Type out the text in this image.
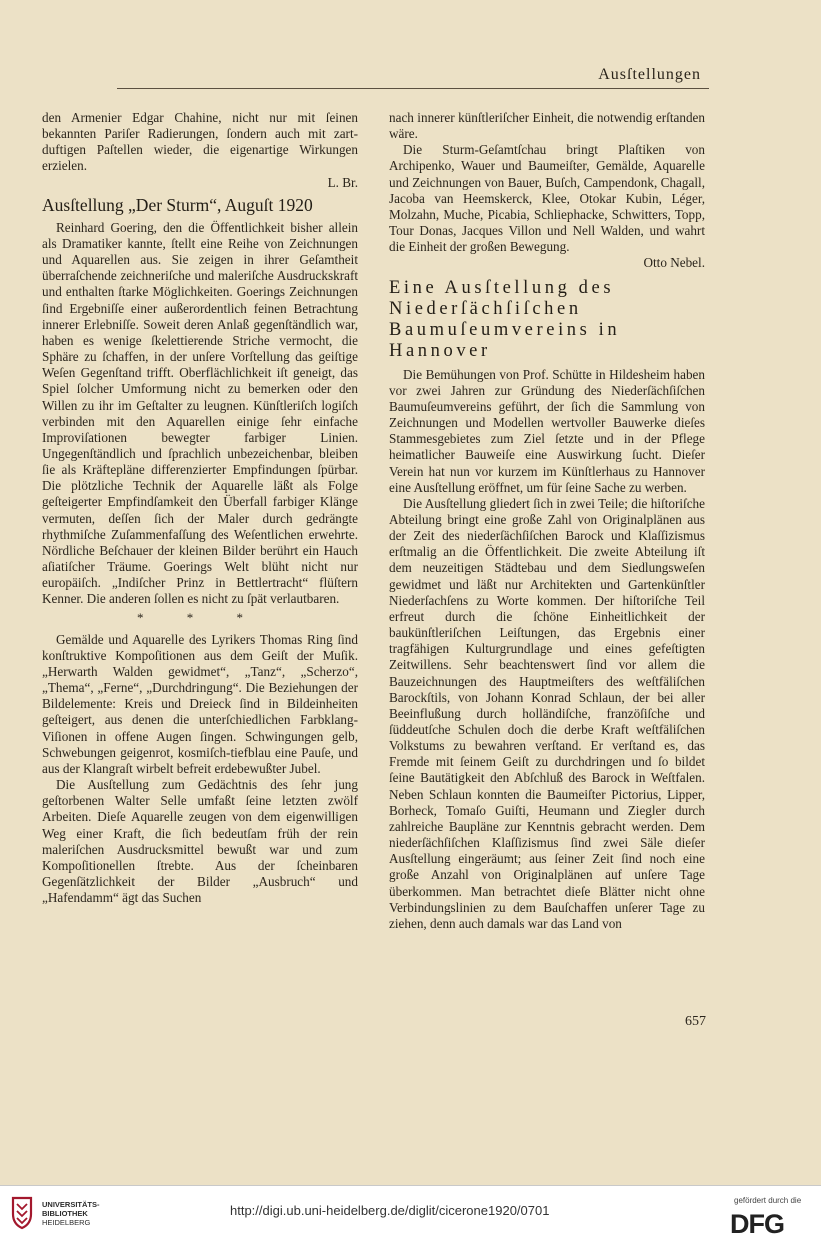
Ausſtellungen

den Armenier Edgar Chahine, nicht nur mit ſeinen bekannten Pariſer Radierungen, ſondern auch mit zart-duftigen Paſtellen wieder, die eigenartige Wirkungen erzielen.

L. Br.

Ausſtellung „Der Sturm“, Auguſt 1920

Reinhard Goering, den die Öffentlichkeit bisher allein als Dramatiker kannte, ſtellt eine Reihe von Zeichnungen und Aquarellen aus. Sie zeigen in ihrer Geſamtheit überraſchende zeichneriſche und maleriſche Ausdruckskraft und enthalten ſtarke Möglichkeiten. Goerings Zeichnungen ſind Ergebniſſe einer außerordentlich feinen Betrachtung innerer Erlebniſſe. Soweit deren Anlaß gegenſtändlich war, haben es wenige ſkelettierende Striche vermocht, die Sphäre zu ſchaffen, in der unſere Vorſtellung das geiſtige Weſen Gegenſtand trifft. Oberflächlichkeit iſt geneigt, das Spiel ſolcher Umformung nicht zu bemerken oder den Willen zu ihr im Geſtalter zu leugnen. Künſtleriſch logiſch verbinden mit den Aquarellen einige ſehr einfache Improviſationen bewegter farbiger Linien. Ungegenſtändlich und ſprachlich unbezeichenbar, bleiben ſie als Kräftepläne differenzierter Empfindungen ſpürbar. Die plötzliche Technik der Aquarelle läßt als Folge geſteigerter Empfindſamkeit den Überfall farbiger Klänge vermuten, deſſen ſich der Maler durch gedrängte rhythmiſche Zuſammenfaſſung des Weſentlichen erwehrte. Nördliche Beſchauer der kleinen Bilder berührt ein Hauch aſiatiſcher Träume. Goerings Welt blüht nicht nur europäiſch. „Indiſcher Prinz in Bettlertracht“ flüſtern Kenner. Die anderen ſollen es nicht zu ſpät verlautbaren.

* * *

Gemälde und Aquarelle des Lyrikers Thomas Ring ſind konſtruktive Kompoſitionen aus dem Geiſt der Muſik. „Herwarth Walden gewidmet“, „Tanz“, „Scherzo“, „Thema“, „Ferne“, „Durchdringung“. Die Beziehungen der Bildelemente: Kreis und Dreieck ſind in Bildeinheiten geſteigert, aus denen die unterſchiedlichen Farbklang-Viſionen in offene Augen ſingen. Schwingungen gelb, Schwebungen geigenrot, kosmiſch-tiefblau eine Pauſe, und aus der Klangraſt wirbelt befreit erdebewußter Jubel.

Die Ausſtellung zum Gedächtnis des ſehr jung geſtorbenen Walter Selle umfaßt ſeine letzten zwölf Arbeiten. Dieſe Aquarelle zeugen von dem eigenwilligen Weg einer Kraft, die ſich bedeutſam früh der rein maleriſchen Ausdrucksmittel bewußt war und zum Kompoſitionellen ſtrebte. Aus der ſcheinbaren Gegenſätzlichkeit der Bilder „Ausbruch“ und „Hafendamm“ ägt das Suchen

nach innerer künſtleriſcher Einheit, die notwendig erſtanden wäre.

Die Sturm-Geſamtſchau bringt Plaſtiken von Archipenko, Wauer und Baumeiſter, Gemälde, Aquarelle und Zeichnungen von Bauer, Buſch, Campendonk, Chagall, Jacoba van Heemskerck, Klee, Otokar Kubin, Léger, Molzahn, Muche, Picabia, Schliephacke, Schwitters, Topp, Tour Donas, Jacques Villon und Nell Walden, und wahrt die Einheit der großen Bewegung.

Otto Nebel.

Eine Ausſtellung des Niederſächſiſchen Baumuſeumvereins in Hannover

Die Bemühungen von Prof. Schütte in Hildesheim haben vor zwei Jahren zur Gründung des Niederſächſiſchen Baumuſeumvereins geführt, der ſich die Sammlung von Zeichnungen und Modellen wertvoller Bauwerke dieſes Stammesgebietes zum Ziel ſetzte und in der Pflege heimatlicher Bauweiſe eine Auswirkung ſucht. Dieſer Verein hat nun vor kurzem im Künſtlerhaus zu Hannover eine Ausſtellung eröffnet, um für ſeine Sache zu werben.

Die Ausſtellung gliedert ſich in zwei Teile; die hiſtoriſche Abteilung bringt eine große Zahl von Originalplänen aus der Zeit des niederſächſiſchen Barock und Klaſſizismus erſtmalig an die Öffentlichkeit. Die zweite Abteilung iſt dem neuzeitigen Städtebau und dem Siedlungsweſen gewidmet und läßt nur Architekten und Gartenkünſtler Niederſachſens zu Worte kommen. Der hiſtoriſche Teil erfreut durch die ſchöne Einheitlichkeit der baukünſtleriſchen Leiſtungen, das Ergebnis einer tragfähigen Kulturgrundlage und eines gefeſtigten Zeitwillens. Sehr beachtenswert ſind vor allem die Bauzeichnungen des Hauptmeiſters des weſtfäliſchen Barockſtils, von Johann Konrad Schlaun, der bei aller Beeinflußung durch holländiſche, franzöſiſche und ſüddeutſche Schulen doch die derbe Kraft weſtfäliſchen Volkstums zu bewahren verſtand. Er verſtand es, das Fremde mit ſeinem Geiſt zu durchdringen und ſo bildet ſeine Bautätigkeit den Abſchluß des Barock in Weſtfalen. Neben Schlaun konnten die Baumeiſter Pictorius, Lipper, Borheck, Tomaſo Guiſti, Heumann und Ziegler durch zahlreiche Baupläne zur Kenntnis gebracht werden. Dem niederſächſiſchen Klaſſizismus ſind zwei Säle dieſer Ausſtellung eingeräumt; aus ſeiner Zeit ſind noch eine große Anzahl von Originalplänen auf unſere Tage überkommen. Man betrachtet dieſe Blätter nicht ohne Verbindungslinien zu dem Bauſchaffen unſerer Tage zu ziehen, denn auch damals war das Land von

657
UNIVERSITÄTS-
BIBLIOTHEK
HEIDELBERG
http://digi.ub.uni-heidelberg.de/diglit/cicerone1920/0701
gefördert durch die
DFG
